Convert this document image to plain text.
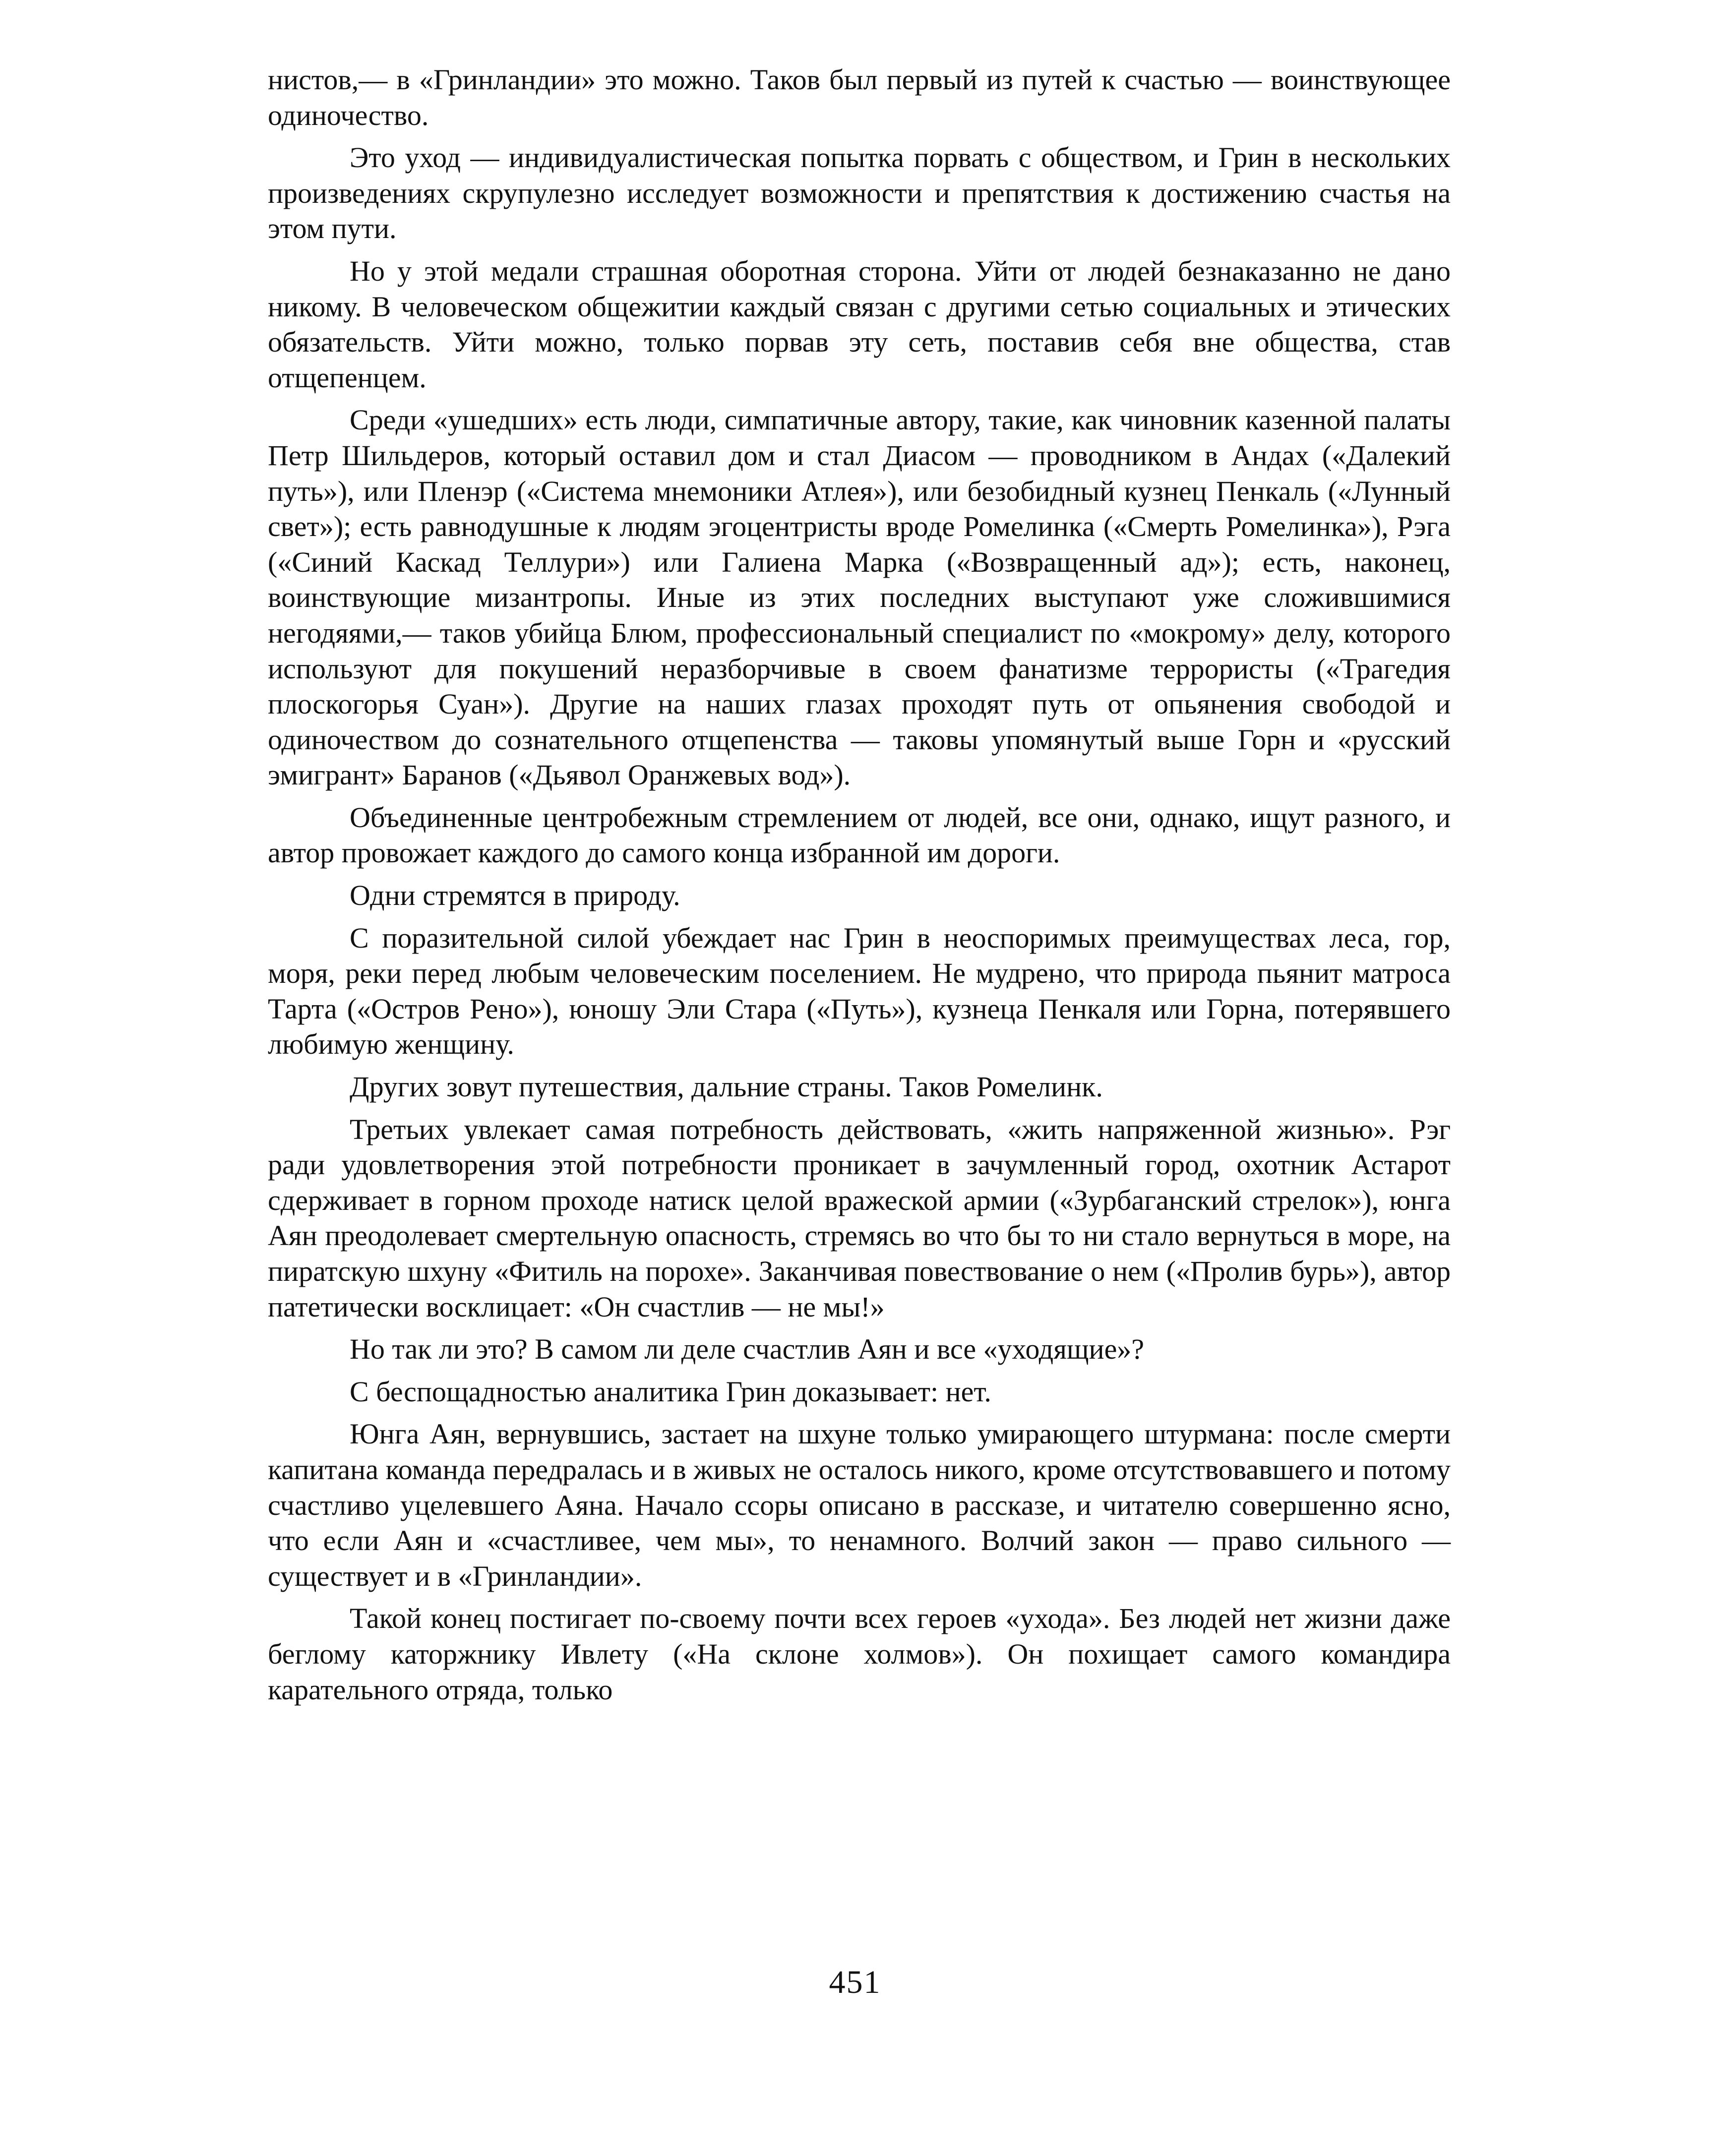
нистов,— в «Гринландии» это можно. Таков был первый из путей к счастью — воинствующее одиночество.

Это уход — индивидуалистическая попытка порвать с обществом, и Грин в нескольких произведениях скрупулезно исследует возможности и препятствия к достижению счастья на этом пути.

Но у этой медали страшная оборотная сторона. Уйти от людей безнаказанно не дано никому. В человеческом общежитии каждый связан с другими сетью социальных и этических обязательств. Уйти можно, только порвав эту сеть, поставив себя вне общества, став отщепенцем.

Среди «ушедших» есть люди, симпатичные автору, такие, как чиновник казенной палаты Петр Шильдеров, который оставил дом и стал Диасом — проводником в Андах («Далекий путь»), или Пленэр («Система мнемоники Атлея»), или безобидный кузнец Пенкаль («Лунный свет»); есть равнодушные к людям эгоцентристы вроде Ромелинка («Смерть Ромелинка»), Рэга («Синий Каскад Теллури») или Галиена Марка («Возвращенный ад»); есть, наконец, воинствующие мизантропы. Иные из этих последних выступают уже сложившимися негодяями,— таков убийца Блюм, профессиональный специалист по «мокрому» делу, которого используют для покушений неразборчивые в своем фанатизме террористы («Трагедия плоскогорья Суан»). Другие на наших глазах проходят путь от опьянения свободой и одиночеством до сознательного отщепенства — таковы упомянутый выше Горн и «русский эмигрант» Баранов («Дьявол Оранжевых вод»).

Объединенные центробежным стремлением от людей, все они, однако, ищут разного, и автор провожает каждого до самого конца избранной им дороги.

Одни стремятся в природу.

С поразительной силой убеждает нас Грин в неоспоримых преимуществах леса, гор, моря, реки перед любым человеческим поселением. Не мудрено, что природа пьянит матроса Тарта («Остров Рено»), юношу Эли Стара («Путь»), кузнеца Пенкаля или Горна, потерявшего любимую женщину.

Других зовут путешествия, дальние страны. Таков Ромелинк.

Третьих увлекает самая потребность действовать, «жить напряженной жизнью». Рэг ради удовлетворения этой потребности проникает в зачумленный город, охотник Астарот сдерживает в горном проходе натиск целой вражеской армии («Зурбаганский стрелок»), юнга Аян преодолевает смертельную опасность, стремясь во что бы то ни стало вернуться в море, на пиратскую шхуну «Фитиль на порохе». Заканчивая повествование о нем («Пролив бурь»), автор патетически восклицает: «Он счастлив — не мы!»

Но так ли это? В самом ли деле счастлив Аян и все «уходящие»?

С беспощадностью аналитика Грин доказывает: нет.

Юнга Аян, вернувшись, застает на шхуне только умирающего штурмана: после смерти капитана команда передралась и в живых не осталось никого, кроме отсутствовавшего и потому счастливо уцелевшего Аяна. Начало ссоры описано в рассказе, и читателю совершенно ясно, что если Аян и «счастливее, чем мы», то ненамного. Волчий закон — право сильного — существует и в «Гринландии».

Такой конец постигает по-своему почти всех героев «ухода». Без людей нет жизни даже беглому каторжнику Ивлету («На склоне холмов»). Он похищает самого командира карательного отряда, только

451
